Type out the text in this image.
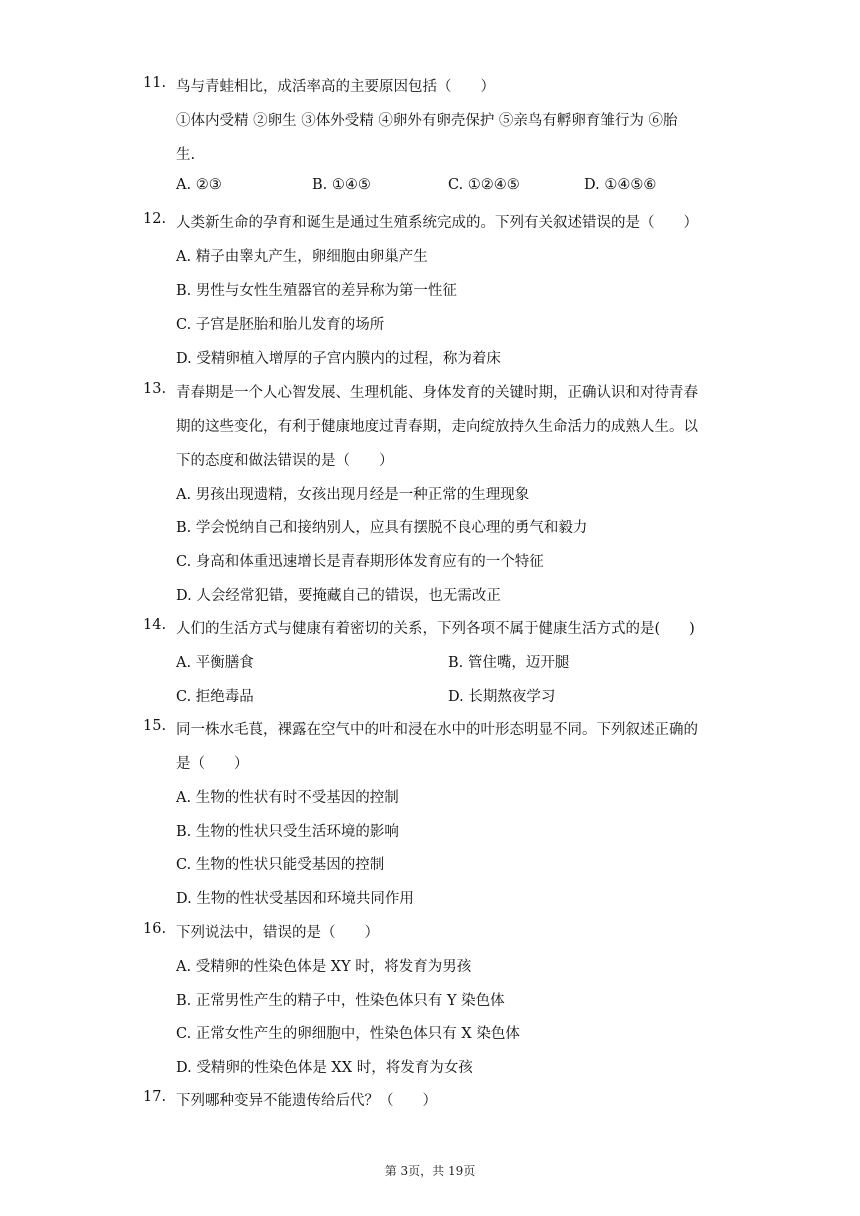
11. 鸟与青蛙相比，成活率高的主要原因包括（　　）
①体内受精 ②卵生 ③体外受精 ④卵外有卵壳保护 ⑤亲鸟有孵卵育雏行为 ⑥胎
生.
A. ②③	B. ①④⑤	C. ①②④⑤	D. ①④⑤⑥
12. 人类新生命的孕育和诞生是通过生殖系统完成的。下列有关叙述错误的是（　　）
A. 精子由睾丸产生，卵细胞由卵巢产生
B. 男性与女性生殖器官的差异称为第一性征
C. 子宫是胚胎和胎儿发育的场所
D. 受精卵植入增厚的子宫内膜内的过程，称为着床
13. 青春期是一个人心智发展、生理机能、身体发育的关键时期，正确认识和对待青春
期的这些变化，有利于健康地度过青春期，走向绽放持久生命活力的成熟人生。以
下的态度和做法错误的是（　　）
A. 男孩出现遗精，女孩出现月经是一种正常的生理现象
B. 学会悦纳自己和接纳别人，应具有摆脱不良心理的勇气和毅力
C. 身高和体重迅速增长是青春期形体发育应有的一个特征
D. 人会经常犯错，要掩藏自己的错误，也无需改正
14. 人们的生活方式与健康有着密切的关系，下列各项不属于健康生活方式的是(　　)
A. 平衡膳食	B. 管住嘴，迈开腿
C. 拒绝毒品	D. 长期熬夜学习
15. 同一株水毛茛，裸露在空气中的叶和浸在水中的叶形态明显不同。下列叙述正确的
是（　　）
A. 生物的性状有时不受基因的控制
B. 生物的性状只受生活环境的影响
C. 生物的性状只能受基因的控制
D. 生物的性状受基因和环境共同作用
16. 下列说法中，错误的是（　　）
A. 受精卵的性染色体是 XY 时，将发育为男孩
B. 正常男性产生的精子中，性染色体只有 Y 染色体
C. 正常女性产生的卵细胞中，性染色体只有 X 染色体
D. 受精卵的性染色体是 XX 时，将发育为女孩
17. 下列哪种变异不能遗传给后代？（　　）
第 3页，共 19页
